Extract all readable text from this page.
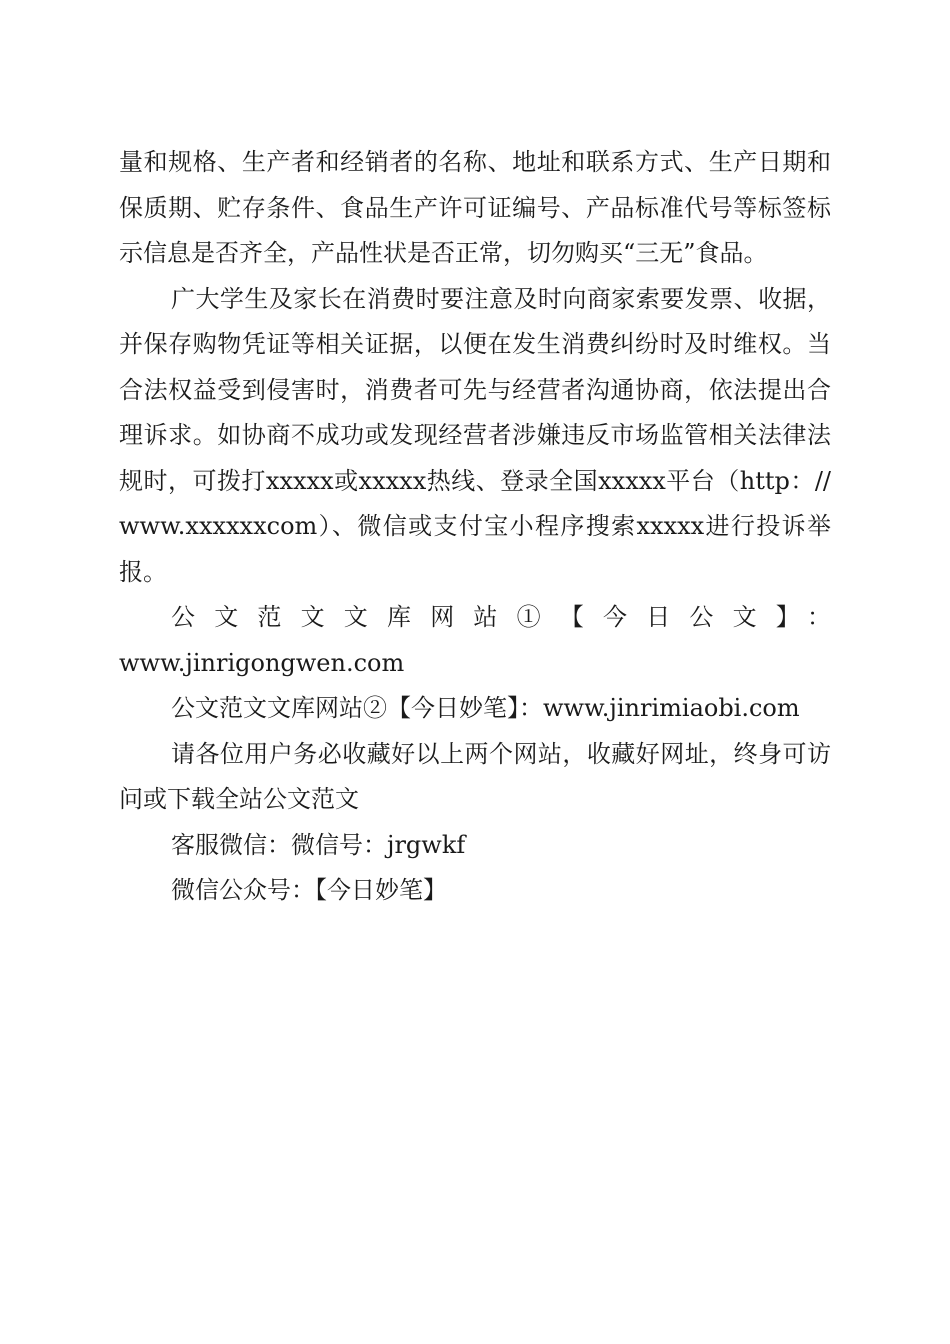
量和规格、生产者和经销者的名称、地址和联系方式、生产日期和保质期、贮存条件、食品生产许可证编号、产品标准代号等标签标示信息是否齐全，产品性状是否正常，切勿购买“三无”食品。

广大学生及家长在消费时要注意及时向商家索要发票、收据，并保存购物凭证等相关证据，以便在发生消费纠纷时及时维权。当合法权益受到侵害时，消费者可先与经营者沟通协商，依法提出合理诉求。如协商不成功或发现经营者涉嫌违反市场监管相关法律法规时，可拨打xxxxx或xxxxx热线、登录全国xxxxx平台（http：//www.xxxxxxcom）、微信或支付宝小程序搜索xxxxx进行投诉举报。

公文范文文库网站①【今日公文】：

www.jinrigongwen.com

公文范文文库网站②【今日妙笔】：www.jinrimiaobi.com

请各位用户务必收藏好以上两个网站，收藏好网址，终身可访问或下载全站公文范文

客服微信：微信号：jrgwkf

微信公众号：【今日妙笔】
